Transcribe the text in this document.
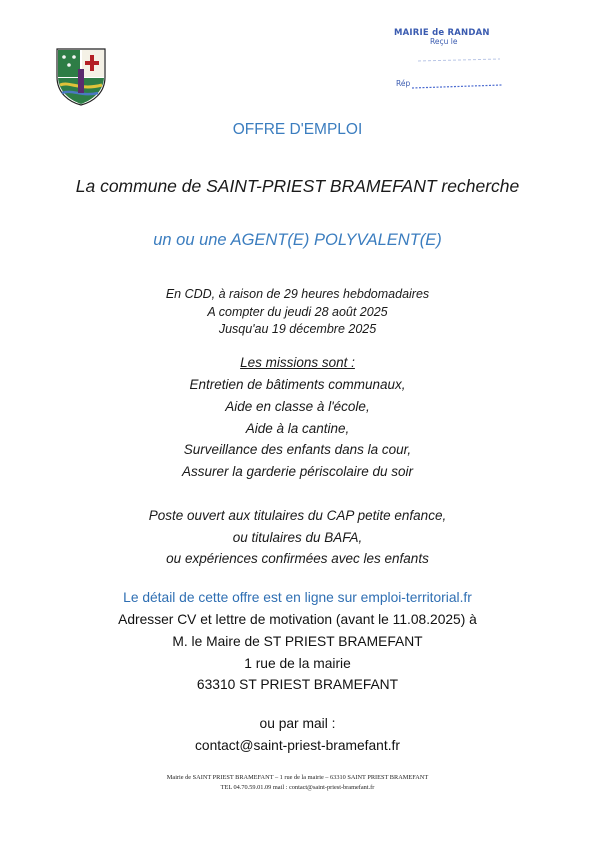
MAIRIE de RANDAN
Reçu le
Rép
OFFRE D'EMPLOI
La commune de SAINT-PRIEST BRAMEFANT recherche
un ou une AGENT(E) POLYVALENT(E)
En CDD, à raison de 29 heures hebdomadaires
A compter du jeudi 28 août 2025
Jusqu'au 19 décembre 2025
Les missions sont :
Entretien de bâtiments communaux,
Aide en classe à l'école,
Aide à la cantine,
Surveillance des enfants dans la cour,
Assurer la garderie périscolaire du soir
Poste ouvert aux titulaires du CAP petite enfance,
ou titulaires du BAFA,
ou expériences confirmées avec les enfants
Le détail de cette offre est en ligne sur emploi-territorial.fr
Adresser CV et lettre de motivation (avant le 11.08.2025) à
M. le Maire de ST PRIEST BRAMEFANT
1 rue de la mairie
63310 ST PRIEST BRAMEFANT
ou par mail :
contact@saint-priest-bramefant.fr
Mairie de SAINT PRIEST BRAMEFANT – 1 rue de la mairie – 63310 SAINT PRIEST BRAMEFANT
TEL 04.70.59.01.09 mail : contact@saint-priest-bramefant.fr
